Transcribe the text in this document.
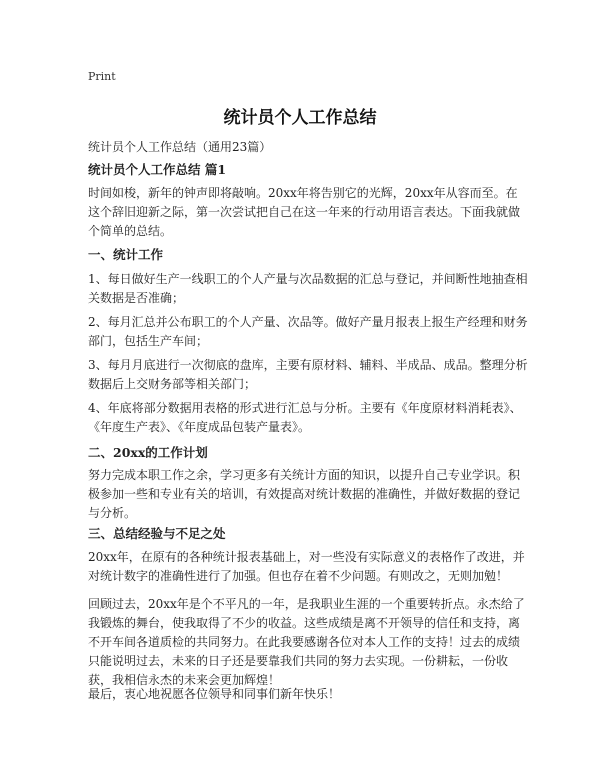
Print
统计员个人工作总结
统计员个人工作总结（通用23篇）
统计员个人工作总结 篇1
时间如梭，新年的钟声即将敲响。20xx年将告别它的光辉，20xx年从容而至。在这个辞旧迎新之际，第一次尝试把自己在这一年来的行动用语言表达。下面我就做个简单的总结。
一、统计工作
1、每日做好生产一线职工的个人产量与次品数据的汇总与登记，并间断性地抽查相关数据是否准确；
2、每月汇总并公布职工的个人产量、次品等。做好产量月报表上报生产经理和财务部门，包括生产车间；
3、每月月底进行一次彻底的盘库，主要有原材料、辅料、半成品、成品。整理分析数据后上交财务部等相关部门；
4、年底将部分数据用表格的形式进行汇总与分析。主要有《年度原材料消耗表》、《年度生产表》、《年度成品包装产量表》。
二、20xx的工作计划
努力完成本职工作之余，学习更多有关统计方面的知识，以提升自己专业学识。积极参加一些和专业有关的培训，有效提高对统计数据的准确性，并做好数据的登记与分析。
三、总结经验与不足之处
20xx年，在原有的各种统计报表基础上，对一些没有实际意义的表格作了改进，并对统计数字的准确性进行了加强。但也存在着不少问题。有则改之，无则加勉！
回顾过去，20xx年是个不平凡的一年，是我职业生涯的一个重要转折点。永杰给了我锻炼的舞台，使我取得了不少的收益。这些成绩是离不开领导的信任和支持，离不开车间各道质检的共同努力。在此我要感谢各位对本人工作的支持！过去的成绩只能说明过去，未来的日子还是要靠我们共同的努力去实现。一份耕耘，一份收获，我相信永杰的未来会更加辉煌！
最后，衷心地祝愿各位领导和同事们新年快乐！
